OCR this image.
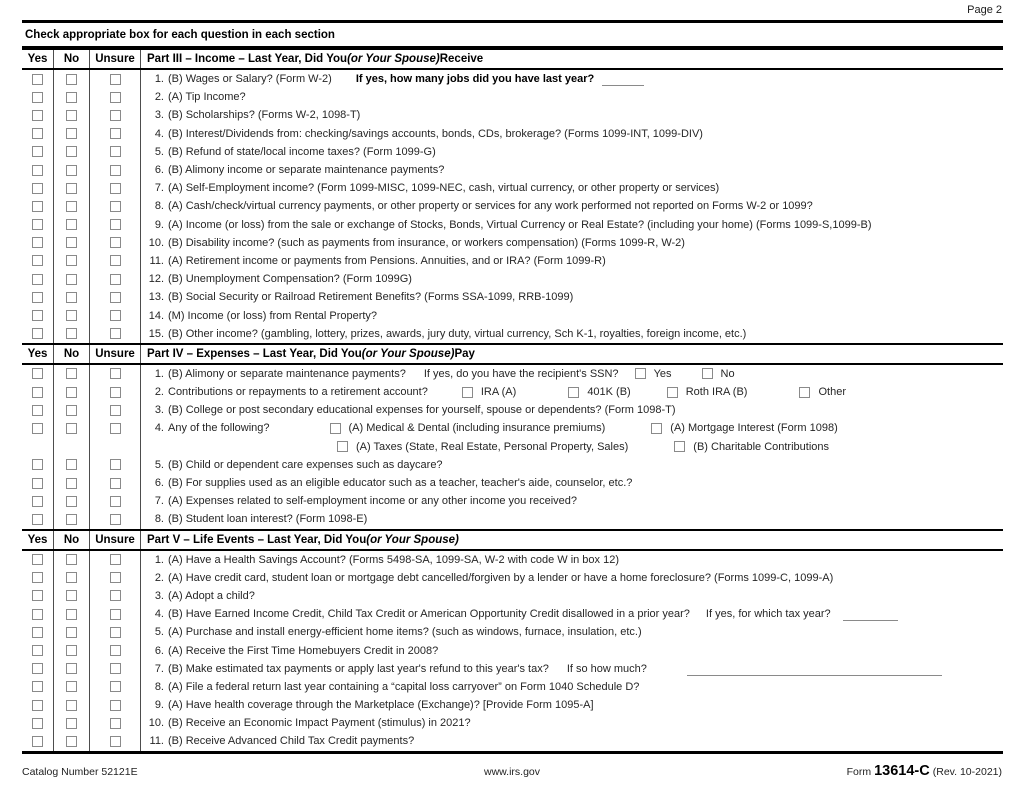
Page 2
Check appropriate box for each question in each section
Yes	No	Unsure	Part III – Income – Last Year, Did You (or Your Spouse) Receive
1. (B) Wages or Salary? (Form W-2) If yes, how many jobs did you have last year?
2. (A) Tip Income?
3. (B) Scholarships? (Forms W-2, 1098-T)
4. (B) Interest/Dividends from: checking/savings accounts, bonds, CDs, brokerage? (Forms 1099-INT, 1099-DIV)
5. (B) Refund of state/local income taxes? (Form 1099-G)
6. (B) Alimony income or separate maintenance payments?
7. (A) Self-Employment income? (Form 1099-MISC, 1099-NEC, cash, virtual currency, or other property or services)
8. (A) Cash/check/virtual currency payments, or other property or services for any work performed not reported on Forms W-2 or 1099?
9. (A) Income (or loss) from the sale or exchange of Stocks, Bonds, Virtual Currency or Real Estate? (including your home) (Forms 1099-S,1099-B)
10. (B) Disability income? (such as payments from insurance, or workers compensation) (Forms 1099-R, W-2)
11. (A) Retirement income or payments from Pensions. Annuities, and or IRA? (Form 1099-R)
12. (B) Unemployment Compensation? (Form 1099G)
13. (B) Social Security or Railroad Retirement Benefits? (Forms SSA-1099, RRB-1099)
14. (M) Income (or loss) from Rental Property?
15. (B) Other income? (gambling, lottery, prizes, awards, jury duty, virtual currency, Sch K-1, royalties, foreign income, etc.)
Yes	No	Unsure	Part IV – Expenses – Last Year, Did You (or Your Spouse) Pay
1. (B) Alimony or separate maintenance payments? If yes, do you have the recipient's SSN?	Yes	No
2. Contributions or repayments to a retirement account?	IRA (A)	401K (B)	Roth IRA (B)	Other
3. (B) College or post secondary educational expenses for yourself, spouse or dependents? (Form 1098-T)
4. Any of the following?	(A) Medical & Dental (including insurance premiums)	(A) Mortgage Interest (Form 1098)
(A) Taxes (State, Real Estate, Personal Property, Sales)	(B) Charitable Contributions
5. (B) Child or dependent care expenses such as daycare?
6. (B) For supplies used as an eligible educator such as a teacher, teacher's aide, counselor, etc.?
7. (A) Expenses related to self-employment income or any other income you received?
8. (B) Student loan interest? (Form 1098-E)
Yes	No	Unsure	Part V – Life Events – Last Year, Did You (or Your Spouse)
1. (A) Have a Health Savings Account? (Forms 5498-SA, 1099-SA, W-2 with code W in box 12)
2. (A) Have credit card, student loan or mortgage debt cancelled/forgiven by a lender or have a home foreclosure? (Forms 1099-C, 1099-A)
3. (A) Adopt a child?
4. (B) Have Earned Income Credit, Child Tax Credit or American Opportunity Credit disallowed in a prior year? If yes, for which tax year?
5. (A) Purchase and install energy-efficient home items? (such as windows, furnace, insulation, etc.)
6. (A) Receive the First Time Homebuyers Credit in 2008?
7. (B) Make estimated tax payments or apply last year's refund to this year's tax? If so how much?
8. (A) File a federal return last year containing a “capital loss carryover” on Form 1040 Schedule D?
9. (A) Have health coverage through the Marketplace (Exchange)? [Provide Form 1095-A]
10. (B) Receive an Economic Impact Payment (stimulus) in 2021?
11. (B) Receive Advanced Child Tax Credit payments?
Catalog Number 52121E	www.irs.gov	Form 13614-C (Rev. 10-2021)
